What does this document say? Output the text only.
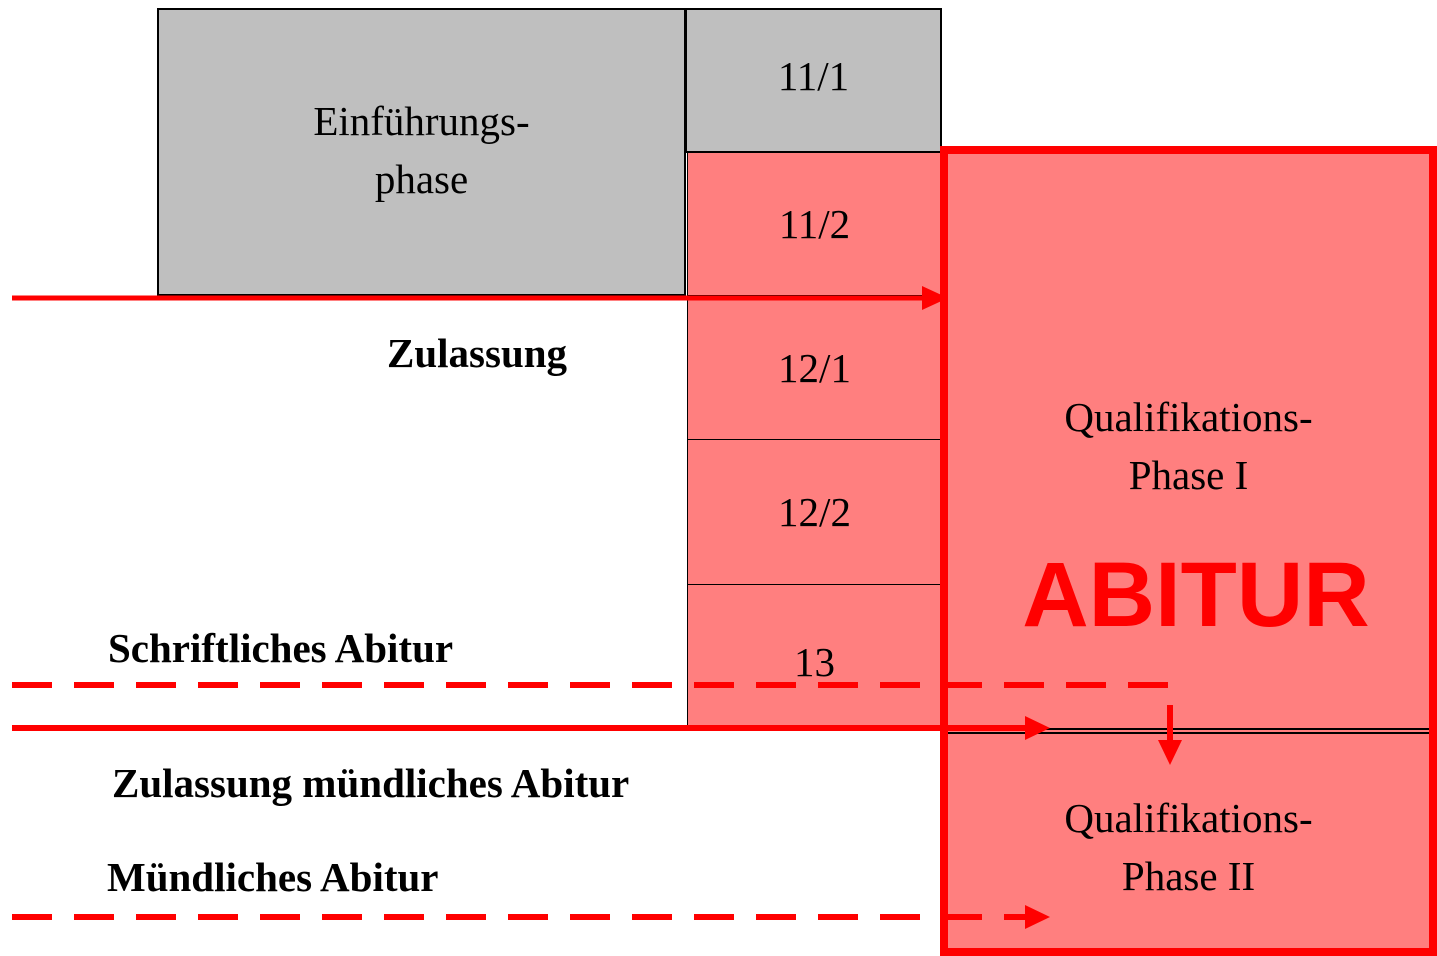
Einführungs-
phase
11/1
11/2
12/1
12/2
13
Qualifikations-
Phase I
ABITUR
Qualifikations-
Phase II
Zulassung
Schriftliches Abitur
Zulassung mündliches Abitur
Mündliches Abitur
